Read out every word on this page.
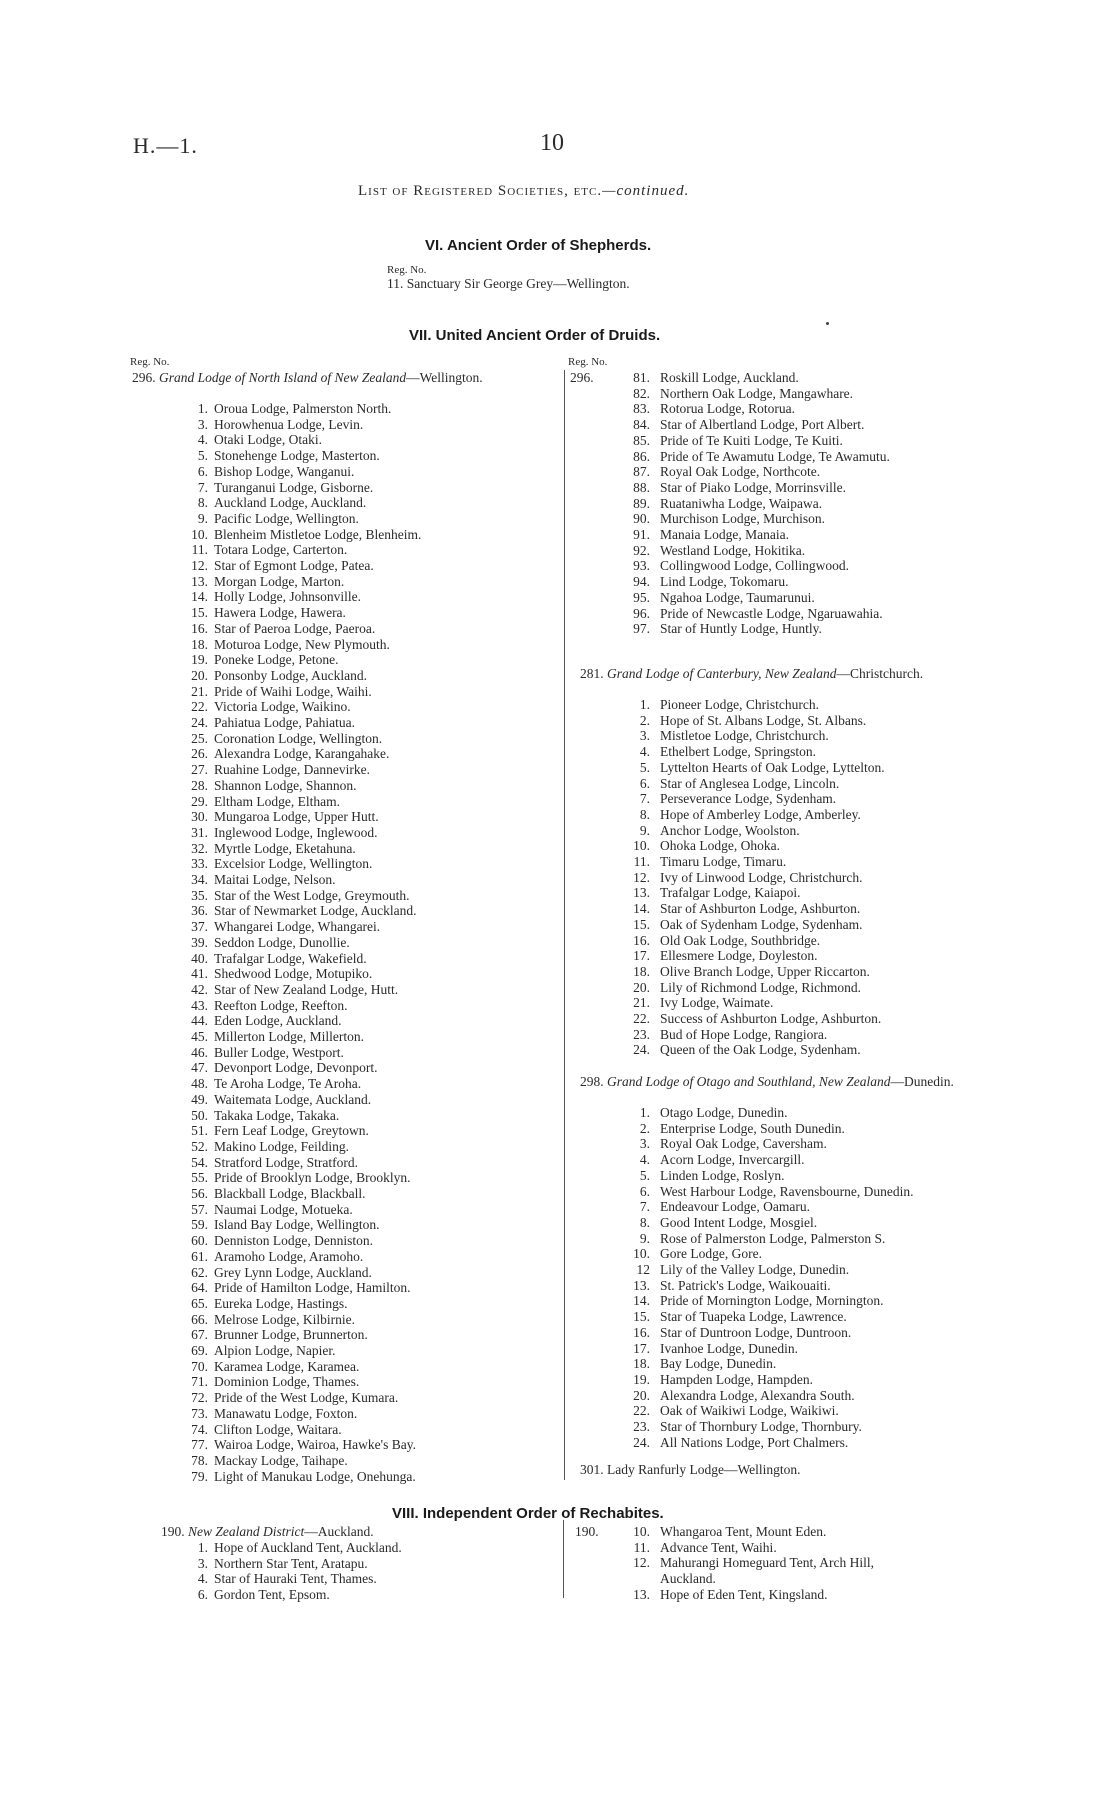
H.—1.	10
List of Registered Societies, etc.—continued.
VI. Ancient Order of Shepherds.
Reg. No.
11. Sanctuary Sir George Grey—Wellington.
VII. United Ancient Order of Druids.
Reg. No.	Reg. No.
296. Grand Lodge of North Island of New Zealand—Wellington.
1. Oroua Lodge, Palmerston North.
3. Horowhenua Lodge, Levin.
4. Otaki Lodge, Otaki.
5. Stonehenge Lodge, Masterton.
6. Bishop Lodge, Wanganui.
7. Turanganui Lodge, Gisborne.
8. Auckland Lodge, Auckland.
9. Pacific Lodge, Wellington.
10. Blenheim Mistletoe Lodge, Blenheim.
11. Totara Lodge, Carterton.
12. Star of Egmont Lodge, Patea.
13. Morgan Lodge, Marton.
14. Holly Lodge, Johnsonville.
15. Hawera Lodge, Hawera.
16. Star of Paeroa Lodge, Paeroa.
18. Moturoa Lodge, New Plymouth.
19. Poneke Lodge, Petone.
20. Ponsonby Lodge, Auckland.
21. Pride of Waihi Lodge, Waihi.
22. Victoria Lodge, Waikino.
24. Pahiatua Lodge, Pahiatua.
25. Coronation Lodge, Wellington.
26. Alexandra Lodge, Karangahake.
27. Ruahine Lodge, Dannevirke.
28. Shannon Lodge, Shannon.
29. Eltham Lodge, Eltham.
30. Mungaroa Lodge, Upper Hutt.
31. Inglewood Lodge, Inglewood.
32. Myrtle Lodge, Eketahuna.
33. Excelsior Lodge, Wellington.
34. Maitai Lodge, Nelson.
35. Star of the West Lodge, Greymouth.
36. Star of Newmarket Lodge, Auckland.
37. Whangarei Lodge, Whangarei.
39. Seddon Lodge, Dunollie.
40. Trafalgar Lodge, Wakefield.
41. Shedwood Lodge, Motupiko.
42. Star of New Zealand Lodge, Hutt.
43. Reefton Lodge, Reefton.
44. Eden Lodge, Auckland.
45. Millerton Lodge, Millerton.
46. Buller Lodge, Westport.
47. Devonport Lodge, Devonport.
48. Te Aroha Lodge, Te Aroha.
49. Waitemata Lodge, Auckland.
50. Takaka Lodge, Takaka.
51. Fern Leaf Lodge, Greytown.
52. Makino Lodge, Feilding.
54. Stratford Lodge, Stratford.
55. Pride of Brooklyn Lodge, Brooklyn.
56. Blackball Lodge, Blackball.
57. Naumai Lodge, Motueka.
59. Island Bay Lodge, Wellington.
60. Denniston Lodge, Denniston.
61. Aramoho Lodge, Aramoho.
62. Grey Lynn Lodge, Auckland.
64. Pride of Hamilton Lodge, Hamilton.
65. Eureka Lodge, Hastings.
66. Melrose Lodge, Kilbirnie.
67. Brunner Lodge, Brunnerton.
69. Alpion Lodge, Napier.
70. Karamea Lodge, Karamea.
71. Dominion Lodge, Thames.
72. Pride of the West Lodge, Kumara.
73. Manawatu Lodge, Foxton.
74. Clifton Lodge, Waitara.
77. Wairoa Lodge, Wairoa, Hawke's Bay.
78. Mackay Lodge, Taihape.
79. Light of Manukau Lodge, Onehunga.
296.	81. Roskill Lodge, Auckland.
82. Northern Oak Lodge, Mangawhare.
83. Rotorua Lodge, Rotorua.
84. Star of Albertland Lodge, Port Albert.
85. Pride of Te Kuiti Lodge, Te Kuiti.
86. Pride of Te Awamutu Lodge, Te Awamutu.
87. Royal Oak Lodge, Northcote.
88. Star of Piako Lodge, Morrinsville.
89. Ruataniwha Lodge, Waipawa.
90. Murchison Lodge, Murchison.
91. Manaia Lodge, Manaia.
92. Westland Lodge, Hokitika.
93. Collingwood Lodge, Collingwood.
94. Lind Lodge, Tokomaru.
95. Ngahoa Lodge, Taumarunui.
96. Pride of Newcastle Lodge, Ngaruawahia.
97. Star of Huntly Lodge, Huntly.
281. Grand Lodge of Canterbury, New Zealand—Christchurch.
1. Pioneer Lodge, Christchurch.
2. Hope of St. Albans Lodge, St. Albans.
3. Mistletoe Lodge, Christchurch.
4. Ethelbert Lodge, Springston.
5. Lyttelton Hearts of Oak Lodge, Lyttelton.
6. Star of Anglesea Lodge, Lincoln.
7. Perseverance Lodge, Sydenham.
8. Hope of Amberley Lodge, Amberley.
9. Anchor Lodge, Woolston.
10. Ohoka Lodge, Ohoka.
11. Timaru Lodge, Timaru.
12. Ivy of Linwood Lodge, Christchurch.
13. Trafalgar Lodge, Kaiapoi.
14. Star of Ashburton Lodge, Ashburton.
15. Oak of Sydenham Lodge, Sydenham.
16. Old Oak Lodge, Southbridge.
17. Ellesmere Lodge, Doyleston.
18. Olive Branch Lodge, Upper Riccarton.
20. Lily of Richmond Lodge, Richmond.
21. Ivy Lodge, Waimate.
22. Success of Ashburton Lodge, Ashburton.
23. Bud of Hope Lodge, Rangiora.
24. Queen of the Oak Lodge, Sydenham.
298. Grand Lodge of Otago and Southland, New Zealand—Dunedin.
1. Otago Lodge, Dunedin.
2. Enterprise Lodge, South Dunedin.
3. Royal Oak Lodge, Caversham.
4. Acorn Lodge, Invercargill.
5. Linden Lodge, Roslyn.
6. West Harbour Lodge, Ravensbourne, Dunedin.
7. Endeavour Lodge, Oamaru.
8. Good Intent Lodge, Mosgiel.
9. Rose of Palmerston Lodge, Palmerston S.
10. Gore Lodge, Gore.
12 Lily of the Valley Lodge, Dunedin.
13. St. Patrick's Lodge, Waikouaiti.
14. Pride of Mornington Lodge, Mornington.
15. Star of Tuapeka Lodge, Lawrence.
16. Star of Duntroon Lodge, Duntroon.
17. Ivanhoe Lodge, Dunedin.
18. Bay Lodge, Dunedin.
19. Hampden Lodge, Hampden.
20. Alexandra Lodge, Alexandra South.
22. Oak of Waikiwi Lodge, Waikiwi.
23. Star of Thornbury Lodge, Thornbury.
24. All Nations Lodge, Port Chalmers.
301. Lady Ranfurly Lodge—Wellington.
VIII. Independent Order of Rechabites.
190. New Zealand District—Auckland.
1. Hope of Auckland Tent, Auckland.
3. Northern Star Tent, Aratapu.
4. Star of Hauraki Tent, Thames.
6. Gordon Tent, Epsom.
190.	10. Whangaroa Tent, Mount Eden.
11. Advance Tent, Waihi.
12. Mahurangi Homeguard Tent, Arch Hill,
Auckland.
13. Hope of Eden Tent, Kingsland.
